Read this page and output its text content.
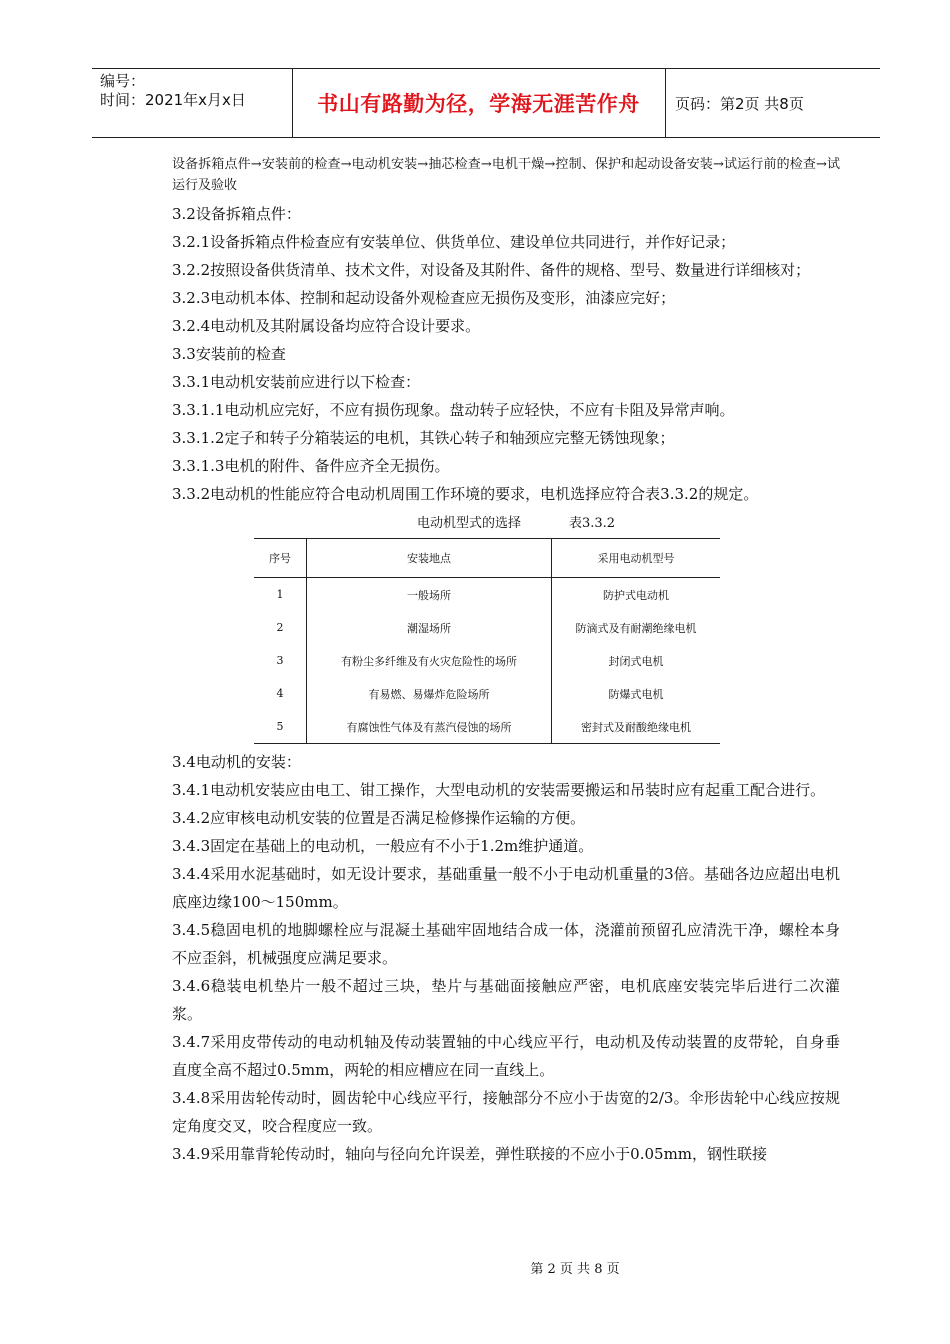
编号：
时间：2021年x月x日	书山有路勤为径，学海无涯苦作舟 页码：第2页 共8页

设备拆箱点件→安装前的检查→电动机安装→抽芯检查→电机干燥→控制、保护和起动设备安装→试运行前的检查→试运行及验收

3.2设备拆箱点件：

3.2.1设备拆箱点件检查应有安装单位、供货单位、建设单位共同进行，并作好记录；

3.2.2按照设备供货清单、技术文件，对设备及其附件、备件的规格、型号、数量进行详细核对；

3.2.3电动机本体、控制和起动设备外观检查应无损伤及变形，油漆应完好；

3.2.4电动机及其附属设备均应符合设计要求。

3.3安装前的检查

3.3.1电动机安装前应进行以下检查：

3.3.1.1电动机应完好，不应有损伤现象。盘动转子应轻快，不应有卡阻及异常声响。

3.3.1.2定子和转子分箱装运的电机，其铁心转子和轴颈应完整无锈蚀现象；

3.3.1.3电机的附件、备件应齐全无损伤。

3.3.2电动机的性能应符合电动机周围工作环境的要求，电机选择应符合表3.3.2的规定。

电动机型式的选择	表3.3.2
序号	安装地点	采用电动机型号
1	一般场所	防护式电动机
2	潮湿场所	防滴式及有耐潮绝缘电机
3	有粉尘多纤维及有火灾危险性的场所	封闭式电机
4	有易燃、易爆炸危险场所	防爆式电机
5	有腐蚀性气体及有蒸汽侵蚀的场所	密封式及耐酸绝缘电机

3.4电动机的安装：

3.4.1电动机安装应由电工、钳工操作，大型电动机的安装需要搬运和吊装时应有起重工配合进行。

3.4.2应审核电动机安装的位置是否满足检修操作运输的方便。

3.4.3固定在基础上的电动机，一般应有不小于1.2m维护通道。

3.4.4采用水泥基础时，如无设计要求，基础重量一般不小于电动机重量的3倍。基础各边应超出电机底座边缘100～150mm。

3.4.5稳固电机的地脚螺栓应与混凝土基础牢固地结合成一体，浇灌前预留孔应清洗干净，螺栓本身不应歪斜，机械强度应满足要求。

3.4.6稳装电机垫片一般不超过三块，垫片与基础面接触应严密，电机底座安装完毕后进行二次灌浆。

3.4.7采用皮带传动的电动机轴及传动装置轴的中心线应平行，电动机及传动装置的皮带轮，自身垂直度全高不超过0.5mm，两轮的相应槽应在同一直线上。

3.4.8采用齿轮传动时，圆齿轮中心线应平行，接触部分不应小于齿宽的2/3。伞形齿轮中心线应按规定角度交叉，咬合程度应一致。

3.4.9采用靠背轮传动时，轴向与径向允许误差，弹性联接的不应小于0.05mm，钢性联接

第 2 页 共 8 页
